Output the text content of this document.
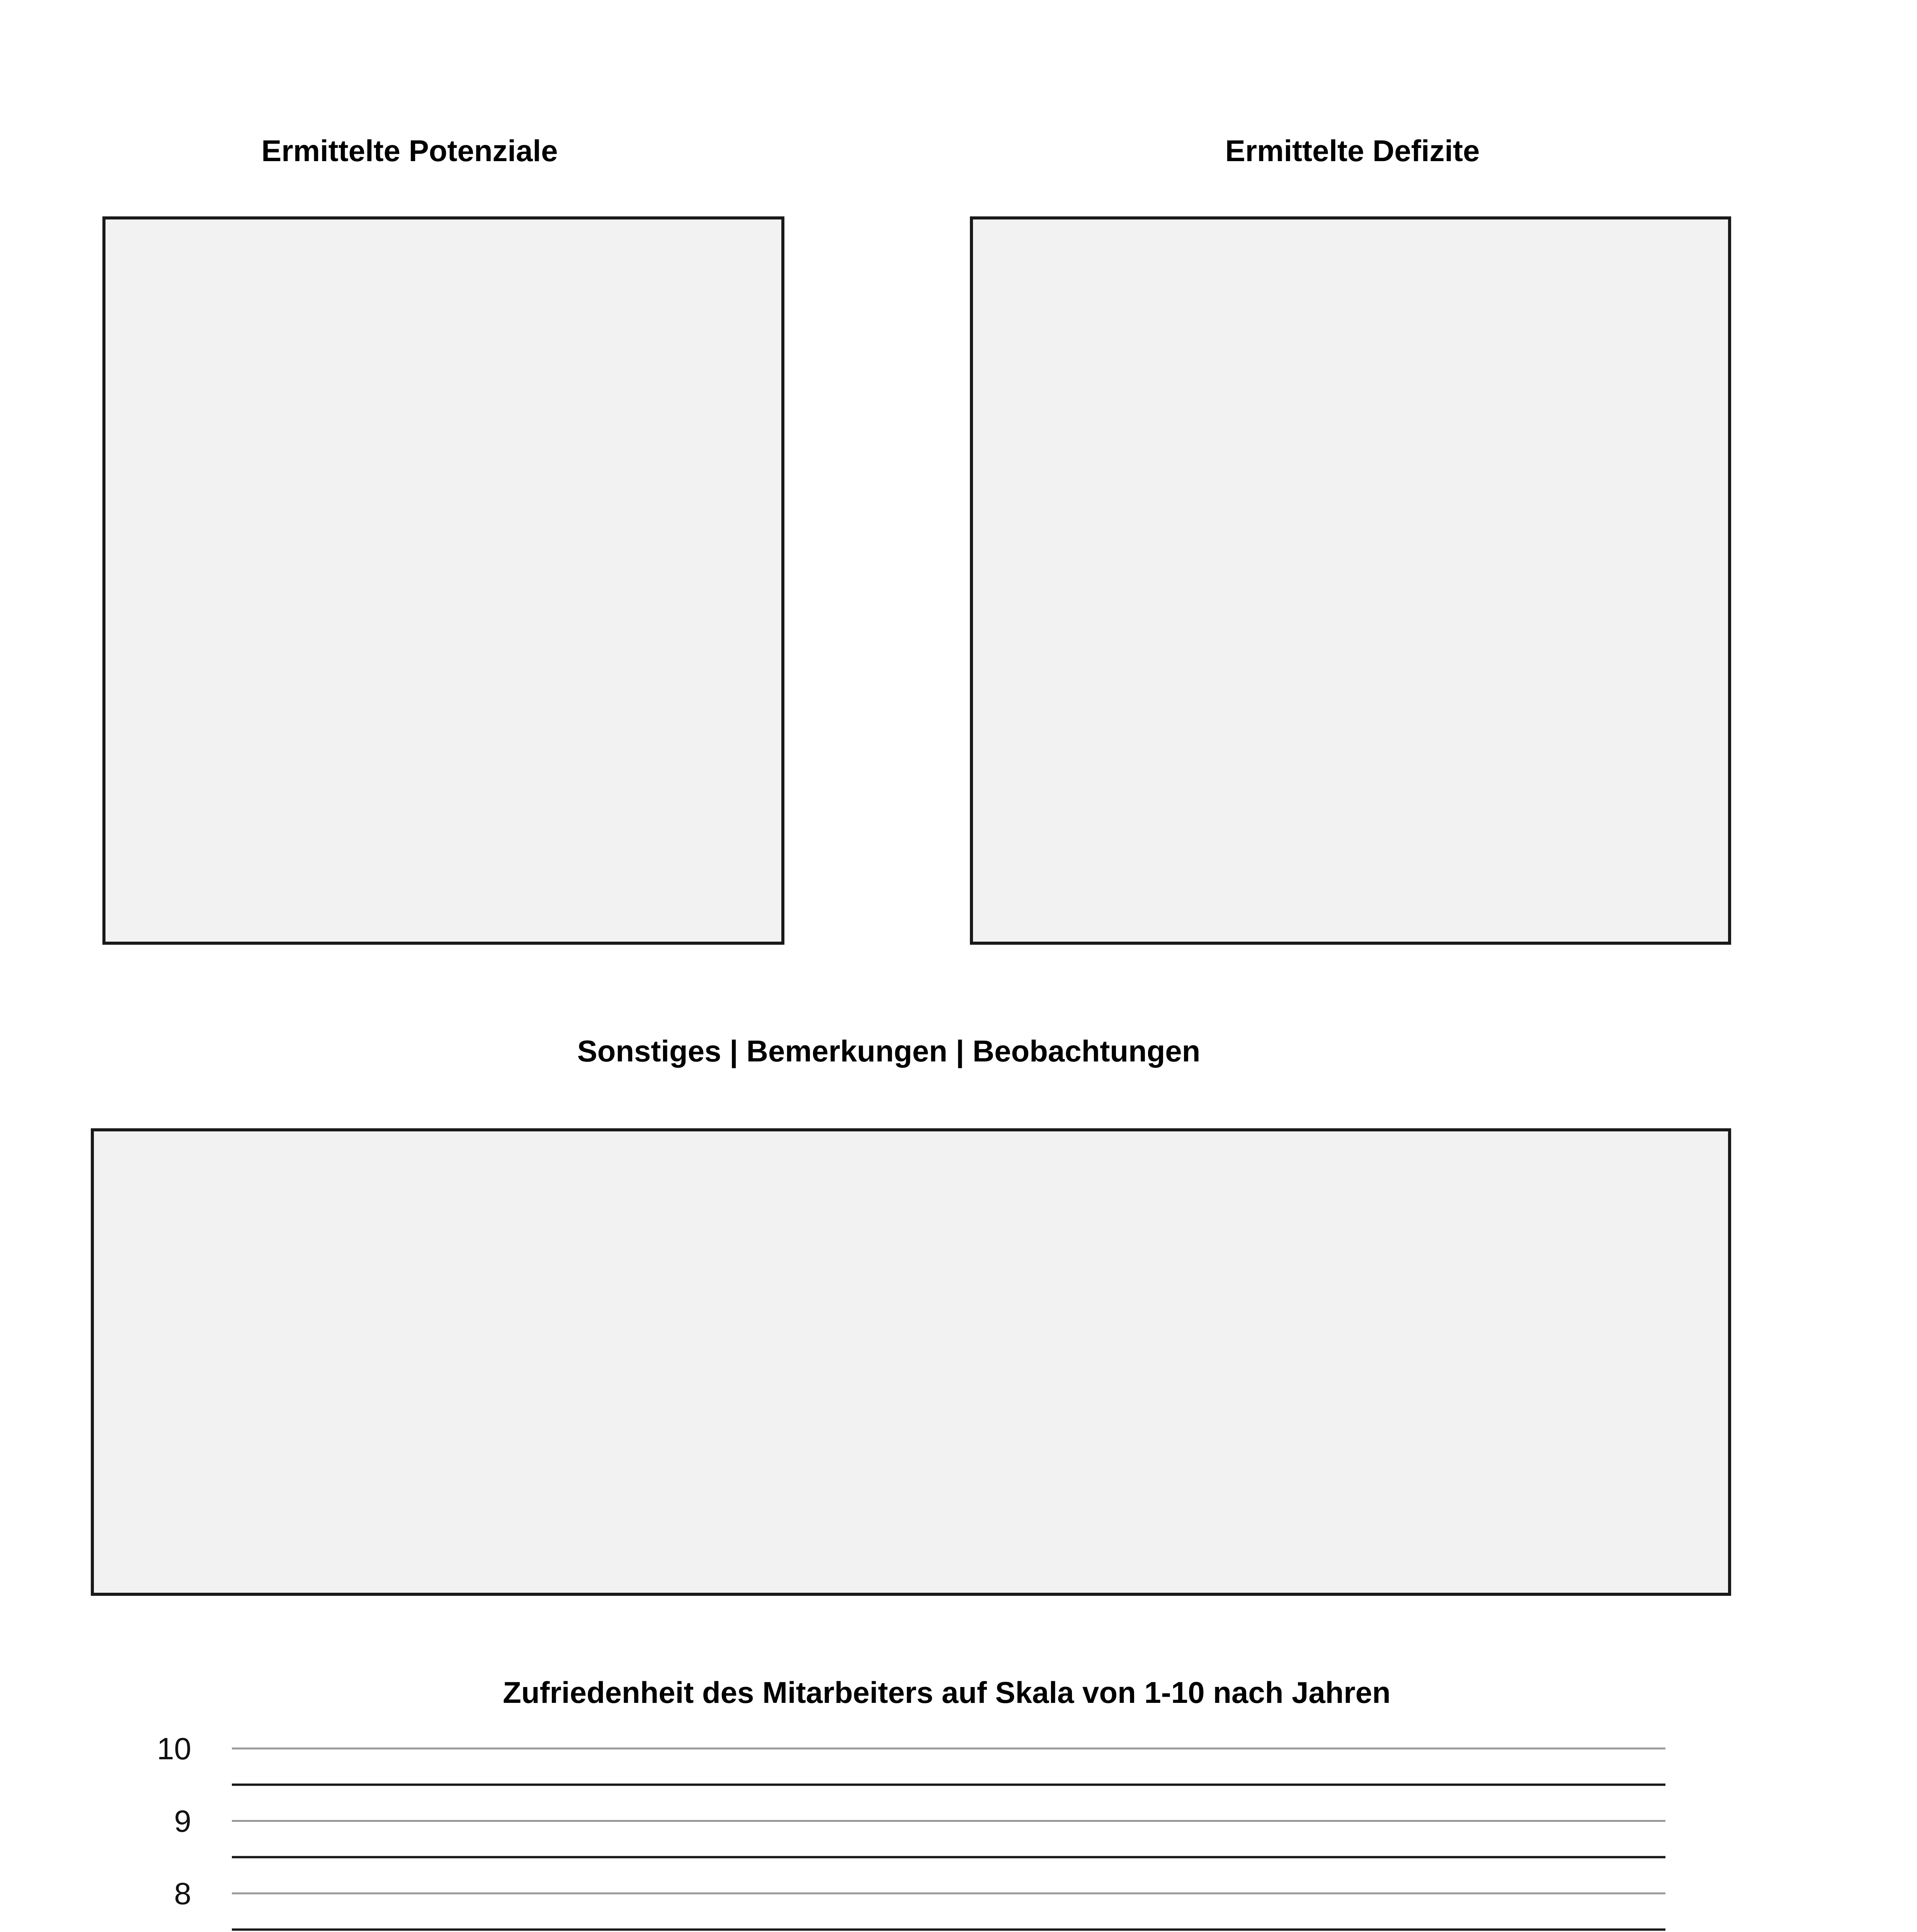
Ermittelte Potenziale	Ermittelte Defizite
Sonstiges | Bemerkungen | Beobachtungen
Zufriedenheit des Mitarbeiters auf Skala von 1-10 nach Jahren
8
9
10
